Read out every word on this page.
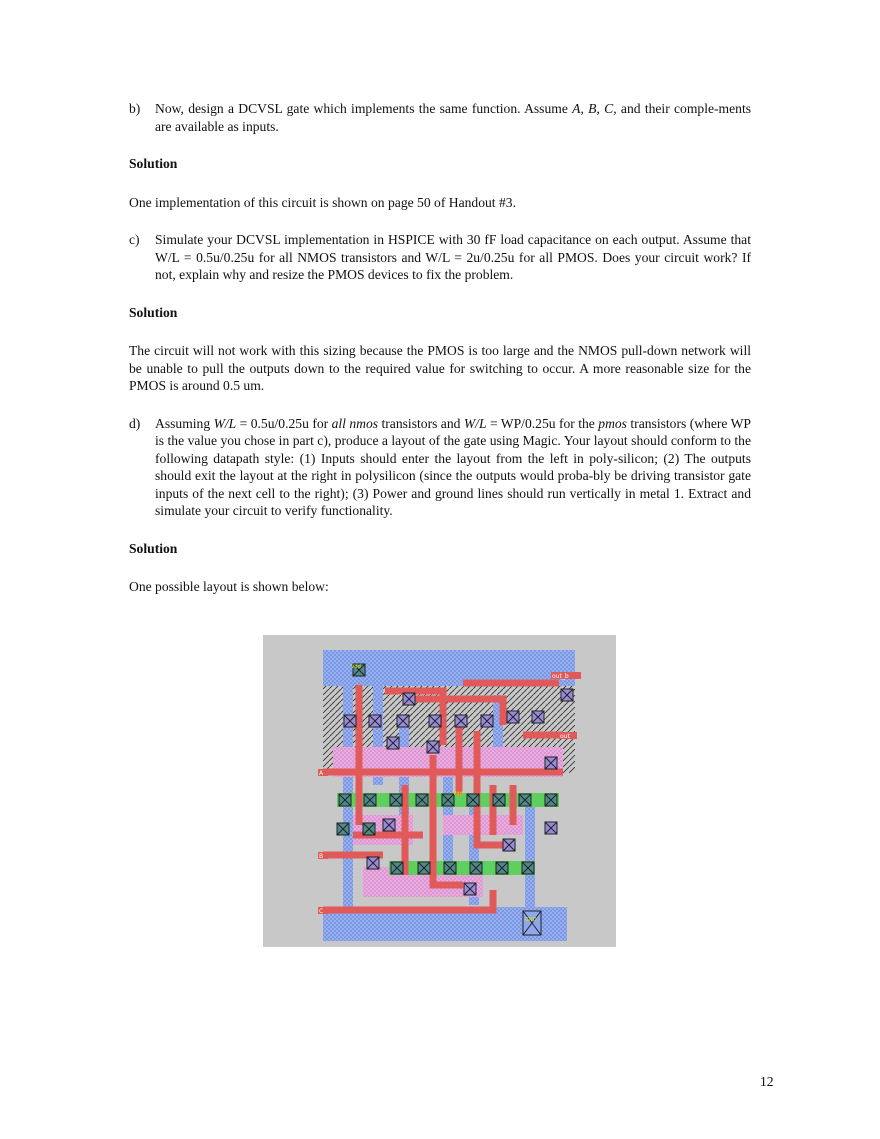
b)	Now, design a DCVSL gate which implements the same function. Assume A, B, C, and their comple-ments are available as inputs.
Solution

One implementation of this circuit is shown on page 50 of Handout #3.

c)	Simulate your DCVSL implementation in HSPICE with 30 fF load capacitance on each output. Assume that W/L = 0.5u/0.25u for all NMOS transistors and W/L = 2u/0.25u for all PMOS. Does your circuit work? If not, explain why and resize the PMOS devices to fix the problem.
Solution

The circuit will not work with this sizing because the PMOS is too large and the NMOS pull-down network will be unable to pull the outputs down to the required value for switching to occur. A more reasonable size for the PMOS is around 0.5 um.

d)	Assuming W/L = 0.5u/0.25u for all nmos transistors and W/L = WP/0.25u for the pmos transistors (where WP is the value you chose in part c), produce a layout of the gate using Magic. Your layout should conform to the following datapath style: (1) Inputs should enter the layout from the left in poly-silicon; (2) The outputs should exit the layout at the right in polysilicon (since the outputs would proba-bly be driving transistor gate inputs of the next cell to the right); (3) Power and ground lines should run vertically in metal 1. Extract and simulate your circuit to verify functionality.
Solution

One possible layout is shown below:

A
B
C
out
out_b
Vdd
GND
Vdd
12
